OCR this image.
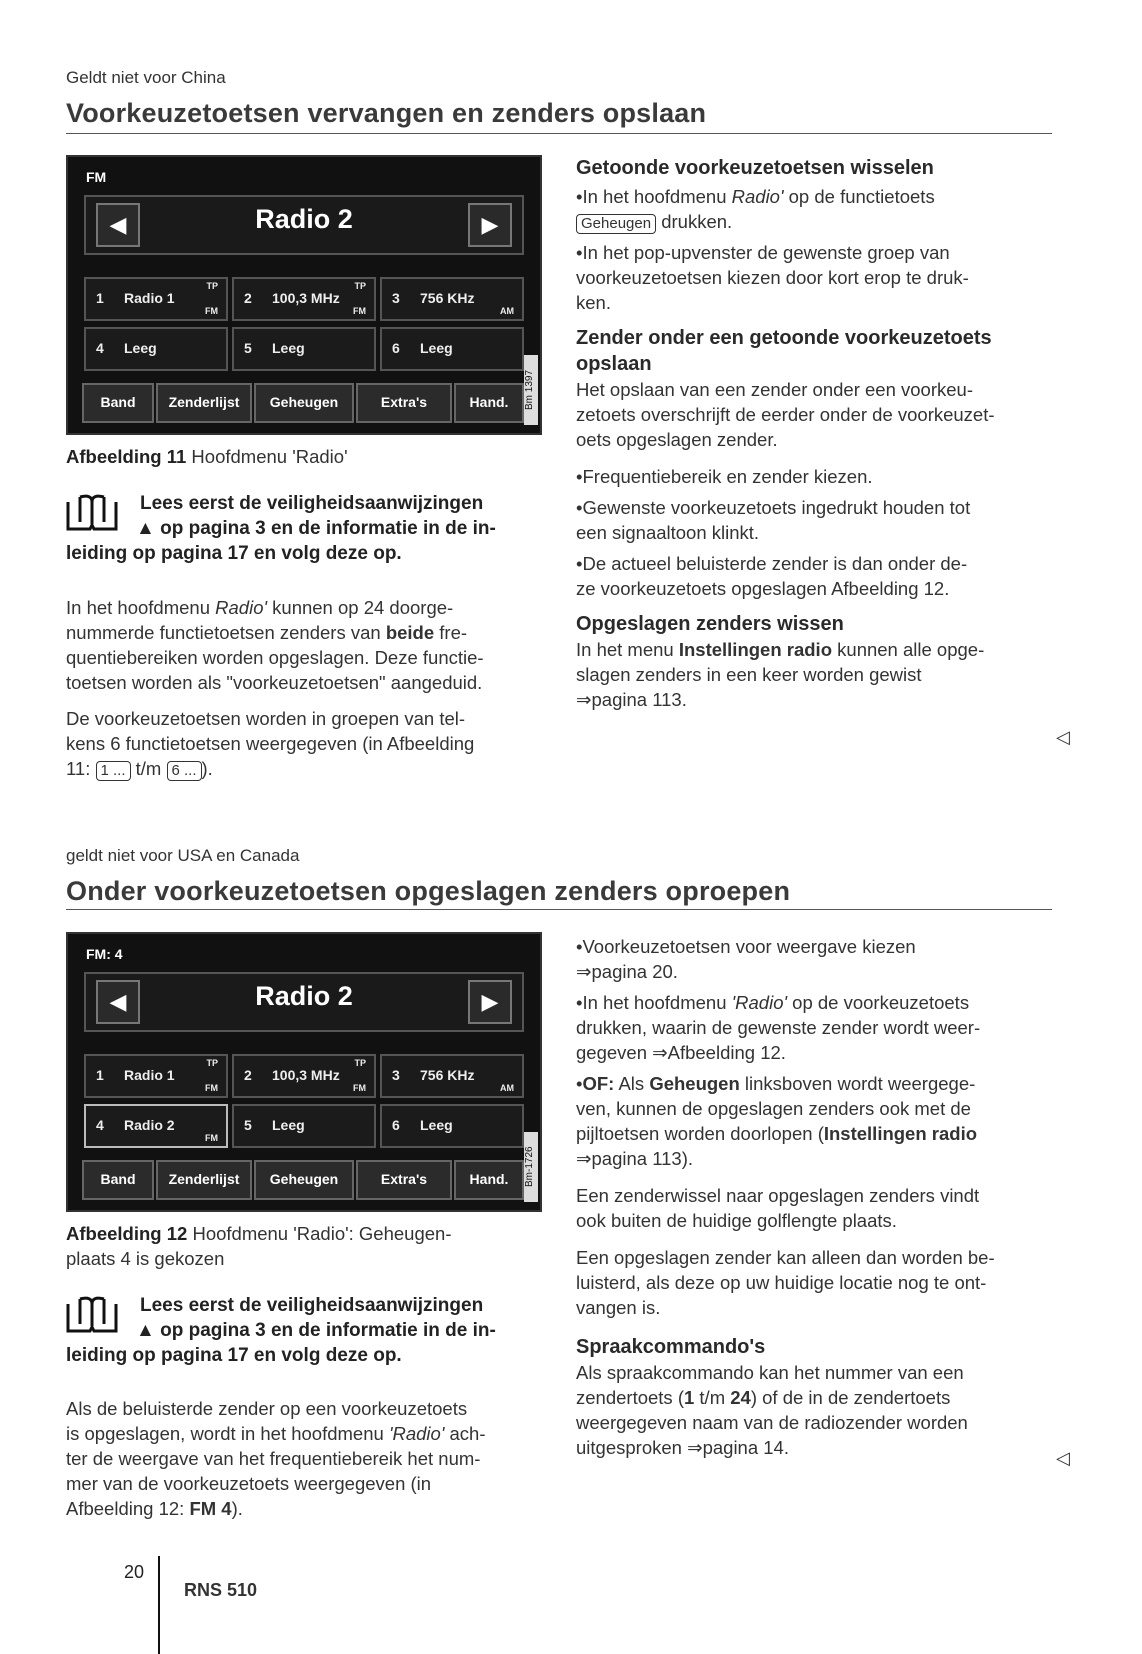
Geldt niet voor China
Voorkeuzetoetsen vervangen en zenders opslaan
FM
◀	Radio 2	▶
1 Radio 1
TP
FM
2 100,3 MHz
TP
FM
3 756 KHz
AM
4 Leeg	5 Leeg	6 Leeg
Band	Zenderlijst	Geheugen	Extra's	Hand.	Bm 1397
Afbeelding 11 Hoofdmenu 'Radio'
Lees eerst de veiligheidsaanwijzingen
▲ op pagina 3 en de informatie in de in-
leiding op pagina 17 en volg deze op.
In het hoofdmenu Radio' kunnen op 24 doorge-
nummerde functietoetsen zenders van beide fre-
quentiebereiken worden opgeslagen. Deze functie-
toetsen worden als "voorkeuzetoetsen" aangeduid.
De voorkeuzetoetsen worden in groepen van tel-
kens 6 functietoetsen weergegeven (in Afbeelding
11: 1 ... t/m 6 ... ).
Getoonde voorkeuzetoetsen wisselen
•In het hoofdmenu Radio' op de functietoets
Geheugen drukken.
•In het pop-upvenster de gewenste groep van
voorkeuzetoetsen kiezen door kort erop te druk-
ken.
Zender onder een getoonde voorkeuzetoets
opslaan
Het opslaan van een zender onder een voorkeu-
zetoets overschrijft de eerder onder de voorkeuzet-
oets opgeslagen zender.
•Frequentiebereik en zender kiezen.
•Gewenste voorkeuzetoets ingedrukt houden tot
een signaaltoon klinkt.
•De actueel beluisterde zender is dan onder de-
ze voorkeuzetoets opgeslagen Afbeelding 12.
Opgeslagen zenders wissen
In het menu Instellingen radio kunnen alle opge-
slagen zenders in een keer worden gewist
⇒pagina 113.
◁
geldt niet voor USA en Canada
Onder voorkeuzetoetsen opgeslagen zenders oproepen
FM: 4
◀	Radio 2	▶
1 Radio 1
TP
FM
2 100,3 MHz
TP
FM
3 756 KHz
AM
4 Radio 2
FM
5 Leeg	6 Leeg
Band	Zenderlijst	Geheugen	Extra's	Hand.	Bm-1726
Afbeelding 12 Hoofdmenu 'Radio': Geheugen-
plaats 4 is gekozen
Lees eerst de veiligheidsaanwijzingen
▲ op pagina 3 en de informatie in de in-
leiding op pagina 17 en volg deze op.
Als de beluisterde zender op een voorkeuzetoets
is opgeslagen, wordt in het hoofdmenu 'Radio' ach-
ter de weergave van het frequentiebereik het num-
mer van de voorkeuzetoets weergegeven (in
Afbeelding 12: FM 4).
•Voorkeuzetoetsen voor weergave kiezen
⇒pagina 20.
•In het hoofdmenu 'Radio' op de voorkeuzetoets
drukken, waarin de gewenste zender wordt weer-
gegeven ⇒Afbeelding 12.
•OF: Als Geheugen linksboven wordt weergege-
ven, kunnen de opgeslagen zenders ook met de
pijltoetsen worden doorlopen (Instellingen radio
⇒pagina 113).
Een zenderwissel naar opgeslagen zenders vindt
ook buiten de huidige golflengte plaats.
Een opgeslagen zender kan alleen dan worden be-
luisterd, als deze op uw huidige locatie nog te ont-
vangen is.
Spraakcommando's
Als spraakcommando kan het nummer van een
zendertoets (1 t/m 24) of de in de zendertoets
weergegeven naam van de radiozender worden
uitgesproken ⇒pagina 14.	◁
20
RNS 510
